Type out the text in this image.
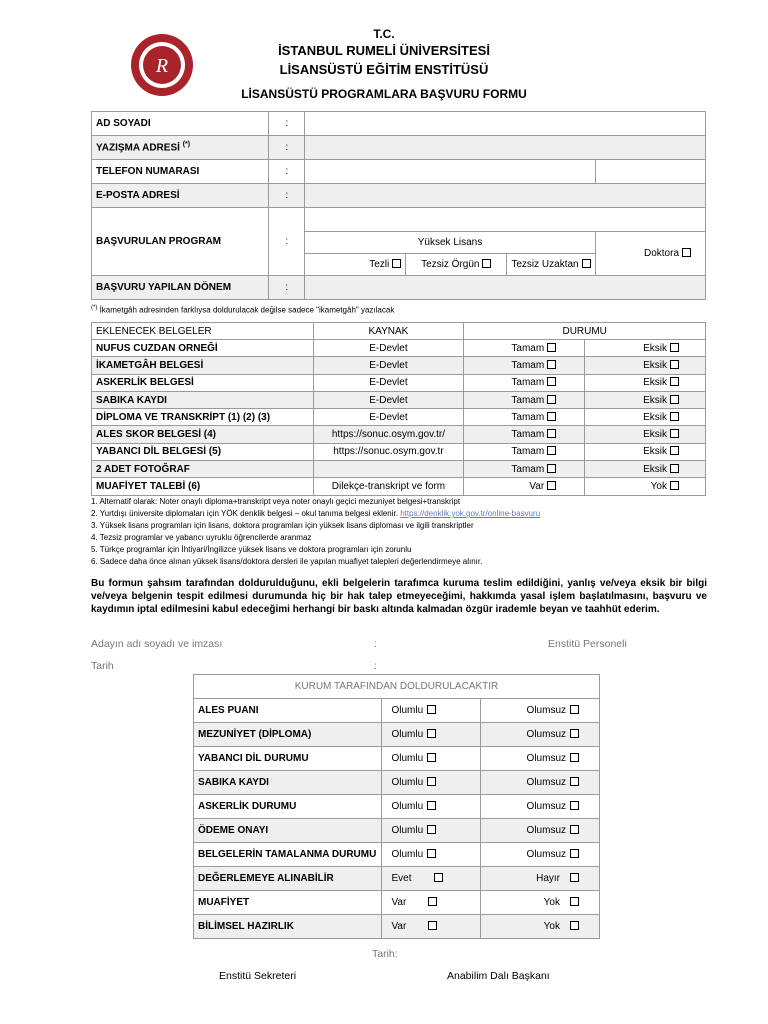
R
T.C.
İSTANBUL RUMELİ ÜNİVERSİTESİ
LİSANSÜSTÜ EĞİTİM ENSTİTÜSÜ
LİSANSÜSTÜ PROGRAMLARA BAŞVURU FORMU
AD SOYADI	:				
YAZIŞMA ADRESİ (*)	:				
TELEFON NUMARASI	:				
E-POSTA ADRESİ	:				
BAŞVURULAN PROGRAM	:				
		Yüksek Lisans			Doktora
		Tezli	Tezsiz Örgün	Tezsiz Uzaktan	
BAŞVURU YAPILAN DÖNEM	:				
(*) İkametgâh adresinden farklıysa doldurulacak değilse sadece "ikametgâh" yazılacak
EKLENECEK BELGELER	KAYNAK	DURUMU	
NUFUS CUZDAN ORNEĞİ	E-Devlet	Tamam	Eksik
İKAMETGÂH BELGESİ	E-Devlet	Tamam	Eksik
ASKERLİK BELGESİ	E-Devlet	Tamam	Eksik
SABIKA KAYDI	E-Devlet	Tamam	Eksik
DİPLOMA VE TRANSKRİPT (1) (2) (3)	E-Devlet	Tamam	Eksik
ALES SKOR BELGESİ (4)	https://sonuc.osym.gov.tr/	Tamam	Eksik
YABANCI DİL BELGESİ (5)	https://sonuc.osym.gov.tr	Tamam	Eksik
2 ADET FOTOĞRAF		Tamam	Eksik
MUAFİYET TALEBİ (6)	Dilekçe-transkript ve form	Var	Yok
1. Alternatif olarak: Noter onaylı diploma+transkript veya noter onaylı geçici mezuniyet belgesi+transkript
2. Yurtdışı üniversite diplomaları için YÖK denklik belgesi – okul tanıma belgesi eklenir. https://denklik.yok.gov.tr/online-basvuru
3. Yüksek lisans programları için lisans, doktora programları için yüksek lisans diploması ve ilgili transkriptler
4. Tezsiz programlar ve yabancı uyruklu öğrencilerde aranmaz
5. Türkçe programlar için İhtiyari/İngilizce yüksek lisans ve doktora programları için zorunlu
6. Sadece daha önce alınan yüksek lisans/doktora dersleri ile yapılan muafiyet talepleri değerlendirmeye alınır.
Bu formun şahsım tarafından doldurulduğunu, ekli belgelerin tarafımca kuruma teslim edildiğini, yanlış ve/veya eksik bir bilgi ve/veya belgenin tespit edilmesi durumunda hiç bir hak talep etmeyeceğimi, hakkımda yasal işlem başlatılmasını, başvuru ve kaydımın iptal edilmesini kabul edeceğimi herhangi bir baskı altında kalmadan özgür irademle beyan ve taahhüt ederim.
Adayın adı soyadı ve imzası	:	Enstitü Personeli
Tarih	:
KURUM TARAFINDAN DOLDURULACAKTIR		
ALES PUANI	Olumlu	Olumsuz
MEZUNİYET (DİPLOMA)	Olumlu	Olumsuz
YABANCI DİL DURUMU	Olumlu	Olumsuz
SABIKA KAYDI	Olumlu	Olumsuz
ASKERLİK DURUMU	Olumlu	Olumsuz
ÖDEME ONAYI	Olumlu	Olumsuz
BELGELERİN TAMALANMA DURUMU	Olumlu	Olumsuz
DEĞERLEMEYE ALINABİLİR	Evet	Hayır
MUAFİYET	Var	Yok
BİLİMSEL HAZIRLIK	Var	Yok
Tarih:
Enstitü Sekreteri	Anabilim Dalı Başkanı
